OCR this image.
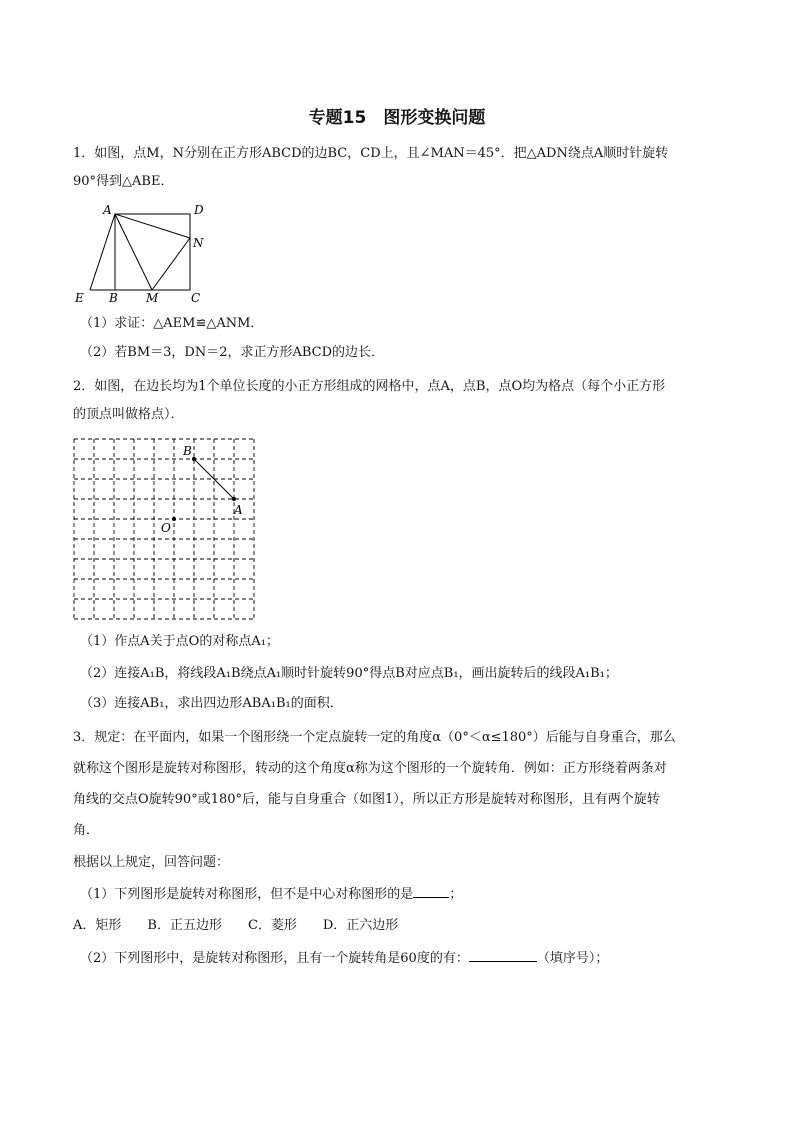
专题15　图形变换问题
1．如图，点M，N分别在正方形ABCD的边BC，CD上，且∠MAN＝45°．把△ADN绕点A顺时针旋转
90°得到△ABE．
A	D
N
E B M	C
（1）求证：△AEM≌△ANM．
（2）若BM＝3，DN＝2，求正方形ABCD的边长．
2．如图，在边长均为1个单位长度的小正方形组成的网格中，点A，点B，点O均为格点（每个小正方形
的顶点叫做格点）．
B
A
O
（1）作点A关于点O的对称点A₁；
（2）连接A₁B，将线段A₁B绕点A₁顺时针旋转90°得点B对应点B₁，画出旋转后的线段A₁B₁；
（3）连接AB₁，求出四边形ABA₁B₁的面积．
3．规定：在平面内，如果一个图形绕一个定点旋转一定的角度α（0°＜α≤180°）后能与自身重合，那么
就称这个图形是旋转对称图形，转动的这个角度α称为这个图形的一个旋转角．例如：正方形绕着两条对
角线的交点O旋转90°或180°后，能与自身重合（如图1），所以正方形是旋转对称图形，且有两个旋转
角．
根据以上规定，回答问题：
（1）下列图形是旋转对称图形，但不是中心对称图形的是	；
A．矩形　　B．正五边形　　C．菱形　　D．正六边形
（2）下列图形中，是旋转对称图形，且有一个旋转角是60度的有：	（填序号）；
